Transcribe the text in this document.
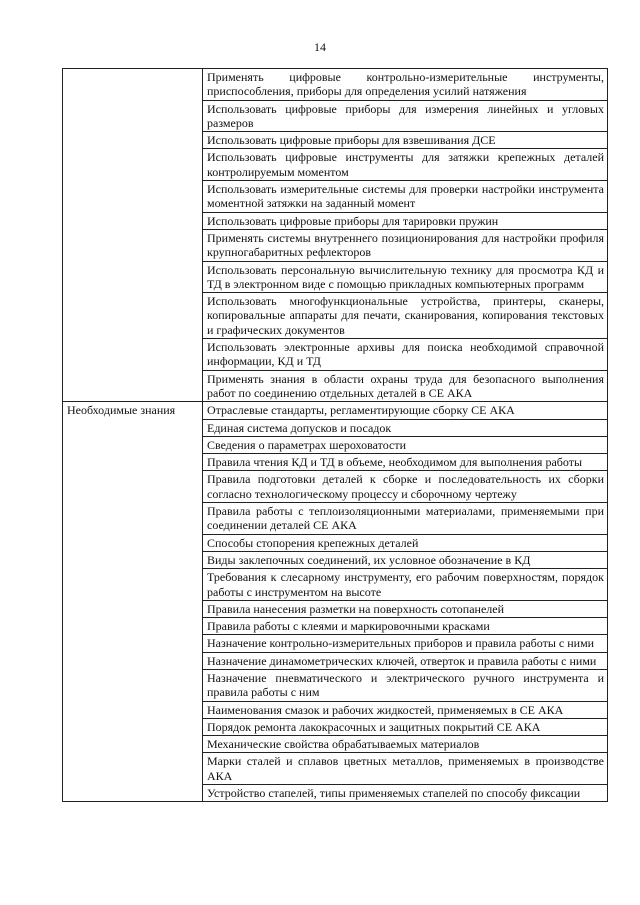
14
	Применять цифровые контрольно-измерительные инструменты, приспособления, приборы для определения усилий натяжения
	Использовать цифровые приборы для измерения линейных и угловых размеров
	Использовать цифровые приборы для взвешивания ДСЕ
	Использовать цифровые инструменты для затяжки крепежных деталей контролируемым моментом
	Использовать измерительные системы для проверки настройки инструмента моментной затяжки на заданный момент
	Использовать цифровые приборы для тарировки пружин
	Применять системы внутреннего позиционирования для настройки профиля крупногабаритных рефлекторов
	Использовать персональную вычислительную технику для просмотра КД и ТД в электронном виде с помощью прикладных компьютерных программ
	Использовать многофункциональные устройства, принтеры, сканеры, копировальные аппараты для печати, сканирования, копирования текстовых и графических документов
	Использовать электронные архивы для поиска необходимой справочной информации, КД и ТД
	Применять знания в области охраны труда для безопасного выполнения работ по соединению отдельных деталей в СЕ АКА
Необходимые знания	Отраслевые стандарты, регламентирующие сборку СЕ АКА
	Единая система допусков и посадок
	Сведения о параметрах шероховатости
	Правила чтения КД и ТД в объеме, необходимом для выполнения работы
	Правила подготовки деталей к сборке и последовательность их сборки согласно технологическому процессу и сборочному чертежу
	Правила работы с теплоизоляционными материалами, применяемыми при соединении деталей СЕ АКА
	Способы стопорения крепежных деталей
	Виды заклепочных соединений, их условное обозначение в КД
	Требования к слесарному инструменту, его рабочим поверхностям, порядок работы с инструментом на высоте
	Правила нанесения разметки на поверхность сотопанелей
	Правила работы с клеями и маркировочными красками
	Назначение контрольно-измерительных приборов и правила работы с ними
	Назначение динамометрических ключей, отверток и правила работы с ними
	Назначение пневматического и электрического ручного инструмента и правила работы с ним
	Наименования смазок и рабочих жидкостей, применяемых в СЕ АКА
	Порядок ремонта лакокрасочных и защитных покрытий СЕ АКА
	Механические свойства обрабатываемых материалов
	Марки сталей и сплавов цветных металлов, применяемых в производстве АКА
	Устройство стапелей, типы применяемых стапелей по способу фиксации
